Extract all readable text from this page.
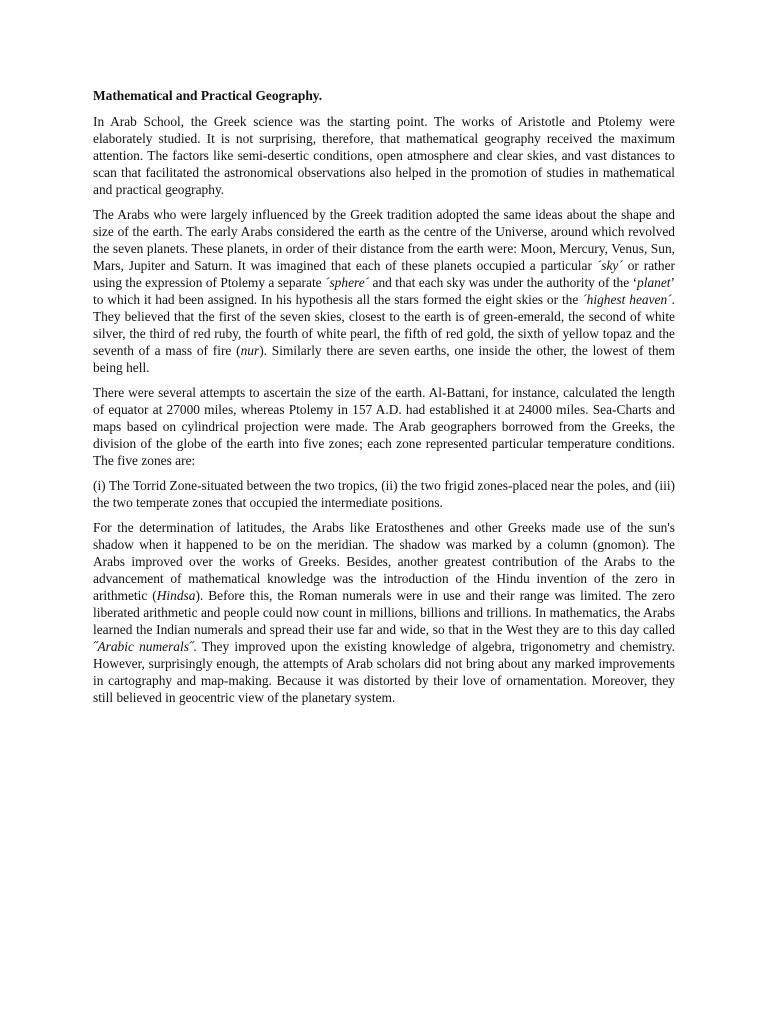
Mathematical and Practical Geography.

In Arab School, the Greek science was the starting point. The works of Aristotle and Ptolemy were elaborately studied. It is not surprising, therefore, that mathematical geography received the maximum attention. The factors like semi-desertic conditions, open atmosphere and clear skies, and vast distances to scan that facilitated the astronomical observations also helped in the promotion of studies in mathematical and practical geography.

The Arabs who were largely influenced by the Greek tradition adopted the same ideas about the shape and size of the earth. The early Arabs considered the earth as the centre of the Universe, around which revolved the seven planets. These planets, in order of their distance from the earth were: Moon, Mercury, Venus, Sun, Mars, Jupiter and Saturn. It was imagined that each of these planets occupied a particular ´sky´ or rather using the expression of Ptolemy a separate ´sphere´ and that each sky was under the authority of the ‘planet’ to which it had been assigned. In his hypothesis all the stars formed the eight skies or the ´highest heaven´. They believed that the first of the seven skies, closest to the earth is of green-emerald, the second of white silver, the third of red ruby, the fourth of white pearl, the fifth of red gold, the sixth of yellow topaz and the seventh of a mass of fire (nur). Similarly there are seven earths, one inside the other, the lowest of them being hell.

There were several attempts to ascertain the size of the earth. Al-Battani, for instance, calculated the length of equator at 27000 miles, whereas Ptolemy in 157 A.D. had established it at 24000 miles. Sea-Charts and maps based on cylindrical projection were made. The Arab geographers borrowed from the Greeks, the division of the globe of the earth into five zones; each zone represented particular temperature conditions. The five zones are:

(i) The Torrid Zone-situated between the two tropics, (ii) the two frigid zones-placed near the poles, and (iii) the two temperate zones that occupied the intermediate positions.

For the determination of latitudes, the Arabs like Eratosthenes and other Greeks made use of the sun's shadow when it happened to be on the meridian. The shadow was marked by a column (gnomon). The Arabs improved over the works of Greeks. Besides, another greatest contribution of the Arabs to the advancement of mathematical knowledge was the introduction of the Hindu invention of the zero in arithmetic (Hindsa). Before this, the Roman numerals were in use and their range was limited. The zero liberated arithmetic and people could now count in millions, billions and trillions. In mathematics, the Arabs learned the Indian numerals and spread their use far and wide, so that in the West they are to this day called ˝Arabic numerals˝. They improved upon the existing knowledge of algebra, trigonometry and chemistry. However, surprisingly enough, the attempts of Arab scholars did not bring about any marked improvements in cartography and map-making. Because it was distorted by their love of ornamentation. Moreover, they still believed in geocentric view of the planetary system.
